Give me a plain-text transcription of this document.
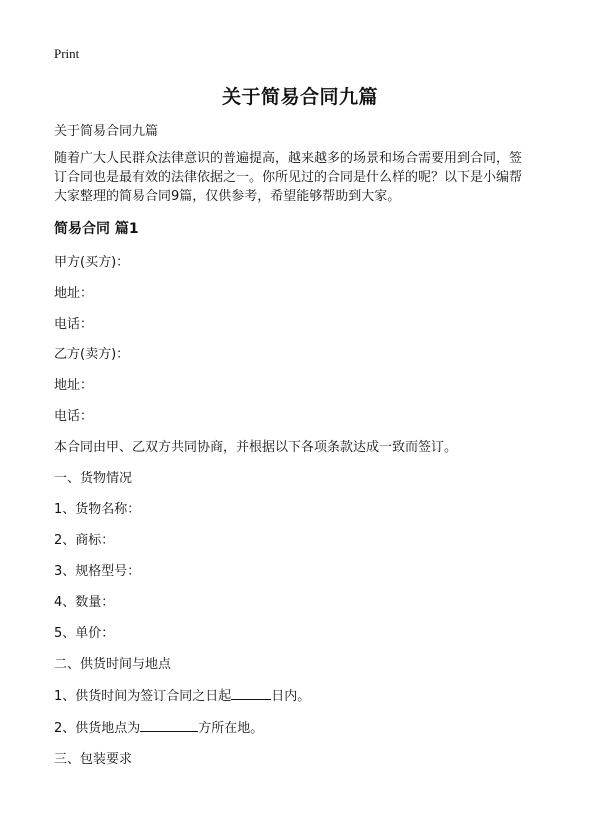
Print
关于简易合同九篇
关于简易合同九篇
随着广大人民群众法律意识的普遍提高，越来越多的场景和场合需要用到合同，签
订合同也是最有效的法律依据之一。你所见过的合同是什么样的呢？以下是小编帮
大家整理的简易合同9篇，仅供参考，希望能够帮助到大家。
简易合同 篇1
甲方(买方)：
地址：
电话：
乙方(卖方)：
地址：
电话：
本合同由甲、乙双方共同协商，并根据以下各项条款达成一致而签订。
一、货物情况
1、货物名称：
2、商标：
3、规格型号：
4、数量：
5、单价：
二、供货时间与地点
1、供货时间为签订合同之日起	日内。
2、供货地点为	方所在地。
三、包装要求
